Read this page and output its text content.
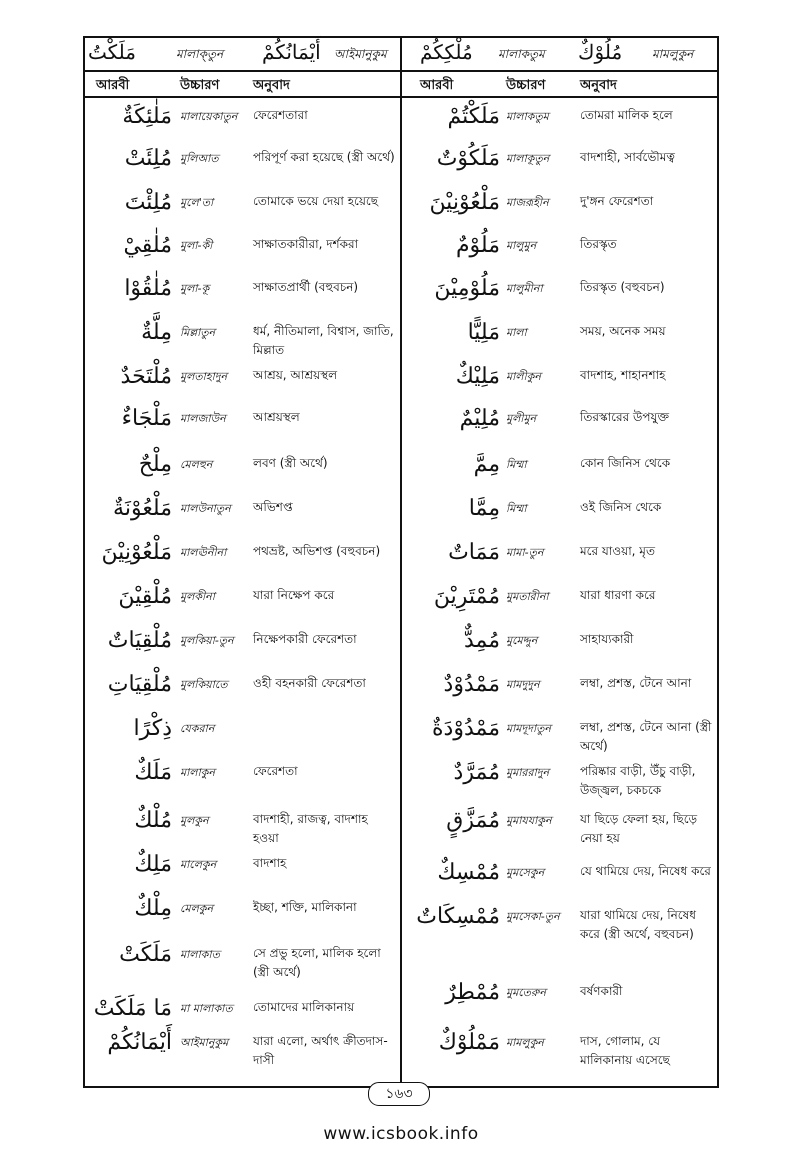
مَلَكْتُ	মালাক্‌তুন أَيْمَانُكُمْ আইমানুকুম مُلْكِكُمْ মালাকতুম مُلُوْكٌ মামলুকুন
আরবী	উচ্চারণ	অনুবাদ	আরবী	উচ্চারণ	অনুবাদ
مَلٰئِكَةٌ মালায়েকাতুন	ফেরেশতারা
مُلِئَتْ মুলিআত	পরিপূর্ণ করা হয়েছে (স্ত্রী অর্থে)
مُلِئْتَ মুলে'তা	তোমাকে ভয়ে দেয়া হয়েছে
مُلٰقِيْ মুলা-কী	সাক্ষাতকারীরা, দর্শকরা
مُلٰقُوْا মুলা-কূ	সাক্ষাতপ্রার্থী (বহুবচন)
مِلَّةٌ মিল্লাতুন	ধর্ম, নীতিমালা, বিশ্বাস, জাতি, মিল্লাত
مُلْتَحَدٌ মুলতাহাদুন	আশ্রয়, আশ্রয়স্থল
مَلْجَاءٌ মালজাউন	আশ্রয়স্থল
مِلْحٌ মেলহুন	লবণ (স্ত্রী অর্থে)
مَلْعُوْنَةٌ মালউনাতুন	অভিশপ্ত
مَلْعُوْنِيْنَ মালঊনীনা	পথভ্রষ্ট, অভিশপ্ত (বহুবচন)
مُلْقِيْنَ মুলকীনা	যারা নিক্ষেপ করে
مُلْقِيَاتٌ মুলকিয়া-তুন	নিক্ষেপকারী ফেরেশতা
مُلْقِيَاتِ মুলকিয়াতে	ওহী বহনকারী ফেরেশতা
ذِكْرًا যেকরান
مَلَكٌ মালাকুন	ফেরেশতা
مُلْكٌ মুলকুন	বাদশাহী, রাজত্ব, বাদশাহ হওয়া
مَلِكٌ মালেকুন	বাদশাহ
مِلْكٌ মেলকুন	ইচ্ছা, শক্তি, মালিকানা
مَلَكَتْ মালাকাত	সে প্রভু হলো, মালিক হলো (স্ত্রী অর্থে)
مَا مَلَكَتْ মা মালাকাত	তোমাদের মালিকানায়
أَيْمَانُكُمْ আইমানুকুম	যারা এলো, অর্থাৎ ক্রীতদাস-দাসী
مَلَكْتُمْ মালাকতুম	তোমরা মালিক হলে
مَلَكُوْتٌ মালাকূতুন	বাদশাহী, সার্বভৌমত্ব
مَلْعُوْنِيْنَ মাজরূহীন	দু'ঙ্গন ফেরেশতা
مَلُوْمٌ মালুমুন	তিরস্কৃত
مَلُوْمِيْنَ মালুমীনা	তিরস্কৃত (বহুবচন)
مَلِيًّا মালা	সময়, অনেক সময়
مَلِيْكٌ মালীকুন	বাদশাহ, শাহানশাহ
مُلِيْمٌ মুলীমুন	তিরস্কারের উপযুক্ত
مِمَّ মিম্মা	কোন জিনিস থেকে
مِمَّا মিম্মা	ওই জিনিস থেকে
مَمَاتٌ মামা-তুন	মরে যাওয়া, মৃত
مُمْتَرِيْنَ মুমতারীনা	যারা ধারণা করে
مُمِدٌّ মুমেদ্দুন	সাহায্যকারী
مَمْدُوْدٌ মামদুদুন	লম্বা, প্রশস্ত, টেনে আনা
مَمْدُوْدَةٌ মামদূদাতুন	লম্বা, প্রশস্ত, টেনে আনা (স্ত্রী অর্থে)
مُمَرَّدٌ মুমাররাদুন	পরিষ্কার বাড়ী, উঁচু বাড়ী, উজ্জ্বল, চকচকে
مُمَزَّقٍ মুমাযযাকুন	যা ছিড়ে ফেলা হয়, ছিড়ে নেয়া হয়
مُمْسِكٌ মুমসেকুন	যে থামিয়ে দেয়, নিষেধ করে
مُمْسِكَاتٌ মুমসেকা-তুন	যারা থামিয়ে দেয়, নিষেধ করে (স্ত্রী অর্থে, বহুবচন)
مُمْطِرٌ মুমতেরুন	বর্ষণকারী
مَمْلُوْكٌ মামলুকুন	দাস, গোলাম, যে মালিকানায় এসেছে
১৬৩
www.icsbook.info
